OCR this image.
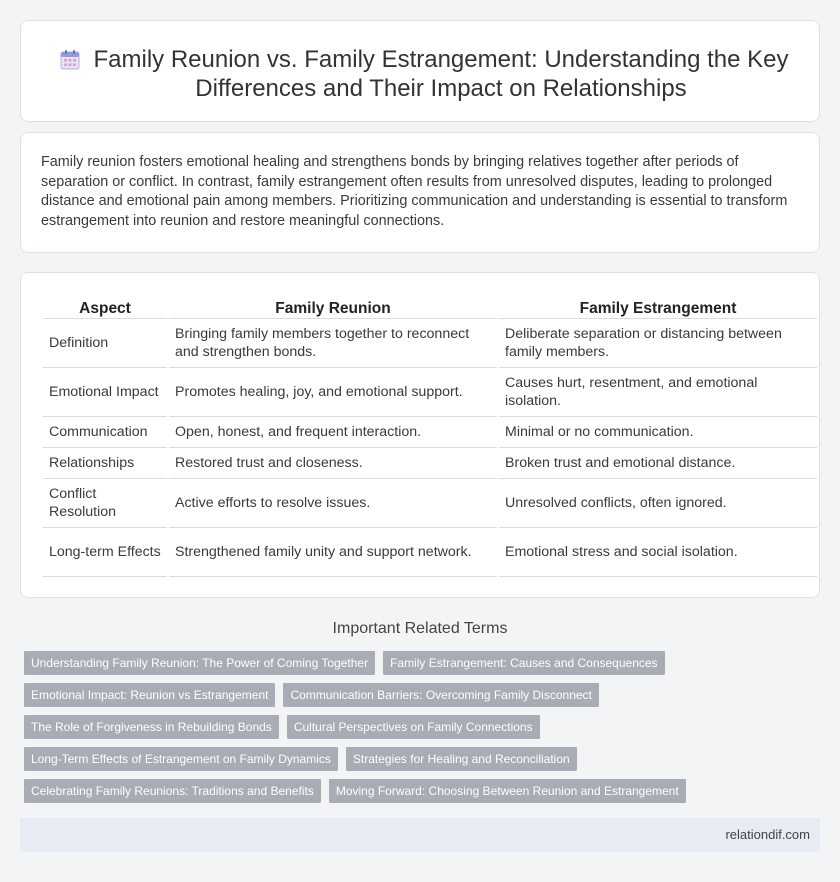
Family Reunion vs. Family Estrangement: Understanding the Key Differences and Their Impact on Relationships

Family reunion fosters emotional healing and strengthens bonds by bringing relatives together after periods of separation or conflict. In contrast, family estrangement often results from unresolved disputes, leading to prolonged distance and emotional pain among members. Prioritizing communication and understanding is essential to transform estrangement into reunion and restore meaningful connections.

Aspect	Family Reunion	Family Estrangement
Definition	Bringing family members together to reconnect and strengthen bonds.	Deliberate separation or distancing between family members.
Emotional Impact	Promotes healing, joy, and emotional support.	Causes hurt, resentment, and emotional isolation.
Communication	Open, honest, and frequent interaction.	Minimal or no communication.
Relationships	Restored trust and closeness.	Broken trust and emotional distance.
Conflict Resolution	Active efforts to resolve issues.	Unresolved conflicts, often ignored.
Long-term Effects	Strengthened family unity and support network.	Emotional stress and social isolation.
Important Related Terms
Understanding Family Reunion: The Power of Coming Together	Family Estrangement: Causes and Consequences
Emotional Impact: Reunion vs Estrangement	Communication Barriers: Overcoming Family Disconnect
The Role of Forgiveness in Rebuilding Bonds	Cultural Perspectives on Family Connections
Long-Term Effects of Estrangement on Family Dynamics	Strategies for Healing and Reconciliation
Celebrating Family Reunions: Traditions and Benefits	Moving Forward: Choosing Between Reunion and Estrangement
relationdif.com
